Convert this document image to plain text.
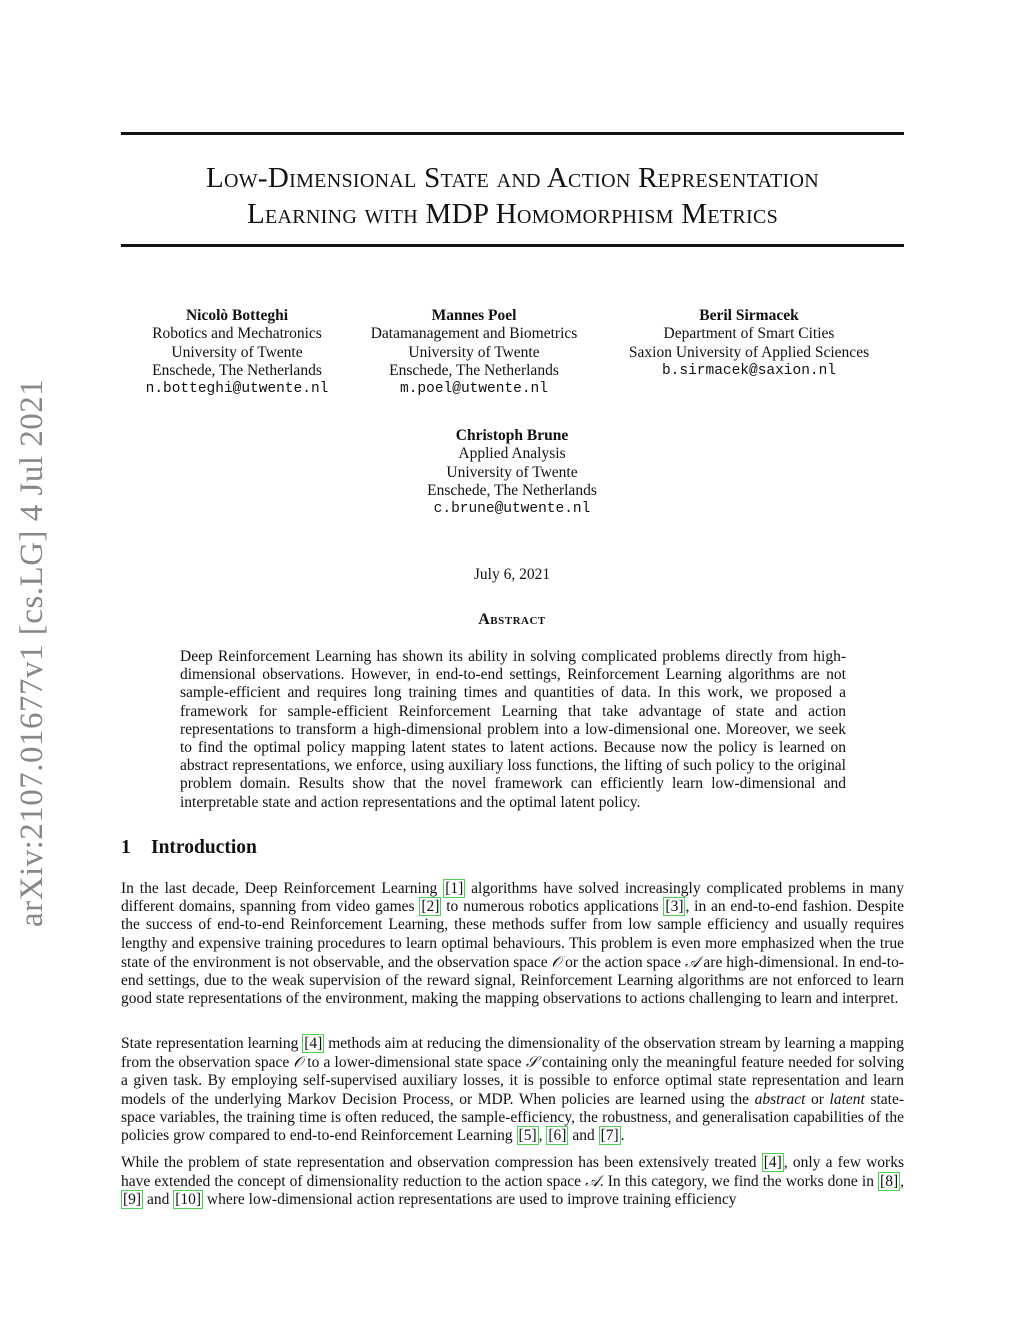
arXiv:2107.01677v1 [cs.LG] 4 Jul 2021
Low-Dimensional State and Action Representation
Learning with MDP Homomorphism Metrics
Nicolò Botteghi
Robotics and Mechatronics
University of Twente
Enschede, The Netherlands
n.botteghi@utwente.nl
Mannes Poel
Datamanagement and Biometrics
University of Twente
Enschede, The Netherlands
m.poel@utwente.nl
Beril Sirmacek
Department of Smart Cities
Saxion University of Applied Sciences
b.sirmacek@saxion.nl
Christoph Brune
Applied Analysis
University of Twente
Enschede, The Netherlands
c.brune@utwente.nl
July 6, 2021
Abstract

Deep Reinforcement Learning has shown its ability in solving complicated problems directly from high-dimensional observations. However, in end-to-end settings, Reinforcement Learning algorithms are not sample-efficient and requires long training times and quantities of data. In this work, we proposed a framework for sample-efficient Reinforcement Learning that take advantage of state and action representations to transform a high-dimensional problem into a low-dimensional one. Moreover, we seek to find the optimal policy mapping latent states to latent actions. Because now the policy is learned on abstract representations, we enforce, using auxiliary loss functions, the lifting of such policy to the original problem domain. Results show that the novel framework can efficiently learn low-dimensional and interpretable state and action representations and the optimal latent policy.

1 Introduction

In the last decade, Deep Reinforcement Learning [1] algorithms have solved increasingly complicated problems in many different domains, spanning from video games [2] to numerous robotics applications [3] , in an end-to-end fashion. Despite the success of end-to-end Reinforcement Learning, these methods suffer from low sample efficiency and usually requires lengthy and expensive training procedures to learn optimal behaviours. This problem is even more emphasized when the true state of the environment is not observable, and the observation space 𝒪 or the action space 𝒜 are high-dimensional. In end-to-end settings, due to the weak supervision of the reward signal, Reinforcement Learning algorithms are not enforced to learn good state representations of the environment, making the mapping observations to actions challenging to learn and interpret.

State representation learning [4] methods aim at reducing the dimensionality of the observation stream by learning a mapping from the observation space 𝒪 to a lower-dimensional state space 𝒮 containing only the meaningful feature needed for solving a given task. By employing self-supervised auxiliary losses, it is possible to enforce optimal state representation and learn models of the underlying Markov Decision Process, or MDP. When policies are learned using the abstract or latent state-space variables, the training time is often reduced, the sample-efficiency, the robustness, and generalisation capabilities of the policies grow compared to end-to-end Reinforcement Learning [5] , [6] and [7] .

While the problem of state representation and observation compression has been extensively treated [4] , only a few works have extended the concept of dimensionality reduction to the action space 𝒜. In this category, we find the works done in [8] , [9] and [10] where low-dimensional action representations are used to improve training efficiency
